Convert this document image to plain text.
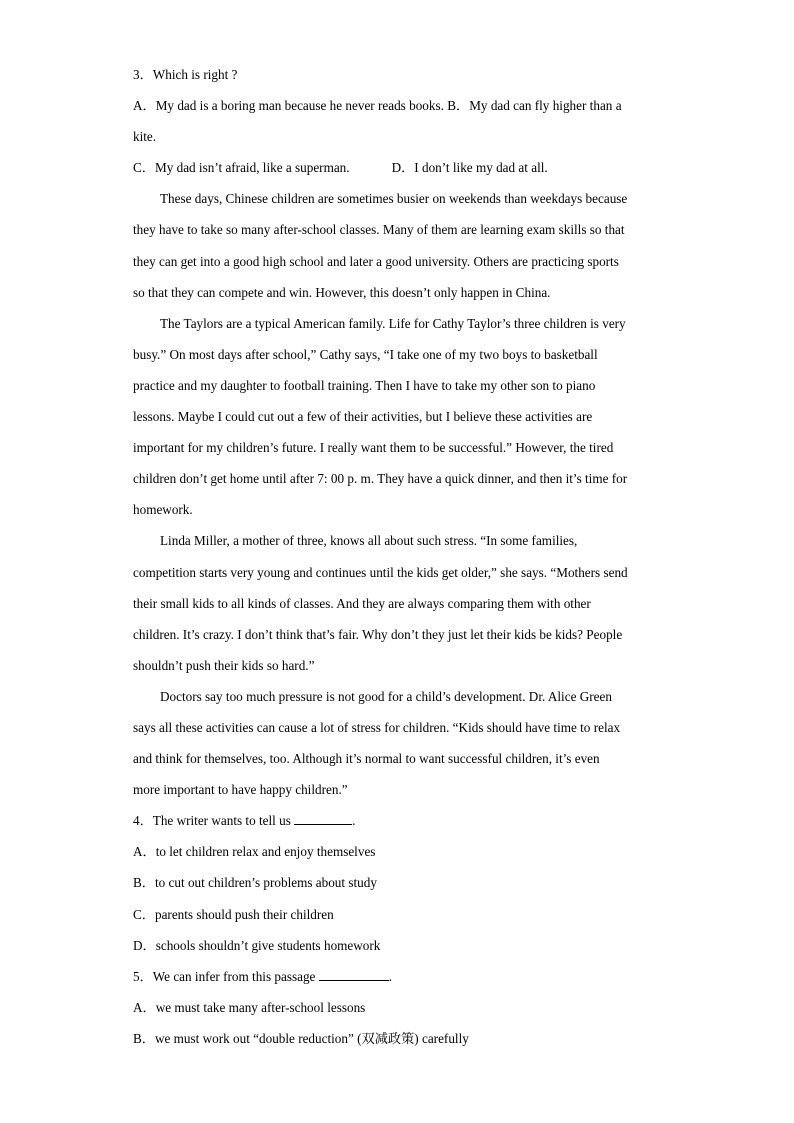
3．Which is right ?
A．My dad is a boring man because he never reads books. B．My dad can fly higher than a
kite.
C．My dad isn’t afraid, like a superman.	D．I don’t like my dad at all.
These days, Chinese children are sometimes busier on weekends than weekdays because
they have to take so many after-school classes. Many of them are learning exam skills so that
they can get into a good high school and later a good university. Others are practicing sports
so that they can compete and win. However, this doesn’t only happen in China.
The Taylors are a typical American family. Life for Cathy Taylor’s three children is very
busy.” On most days after school,” Cathy says, “I take one of my two boys to basketball
practice and my daughter to football training. Then I have to take my other son to piano
lessons. Maybe I could cut out a few of their activities, but I believe these activities are
important for my children’s future. I really want them to be successful.” However, the tired
children don’t get home until after 7: 00 p. m. They have a quick dinner, and then it’s time for
homework.
Linda Miller, a mother of three, knows all about such stress. “In some families,
competition starts very young and continues until the kids get older,” she says. “Mothers send
their small kids to all kinds of classes. And they are always comparing them with other
children. It’s crazy. I don’t think that’s fair. Why don’t they just let their kids be kids? People
shouldn’t push their kids so hard.”
Doctors say too much pressure is not good for a child’s development. Dr. Alice Green
says all these activities can cause a lot of stress for children. “Kids should have time to relax
and think for themselves, too. Although it’s normal to want successful children, it’s even
more important to have happy children.”
4．The writer wants to tell us	.
A．to let children relax and enjoy themselves
B．to cut out children’s problems about study
C．parents should push their children
D．schools shouldn’t give students homework
5．We can infer from this passage	.
A．we must take many after-school lessons
B．we must work out “double reduction” (双减政策) carefully
